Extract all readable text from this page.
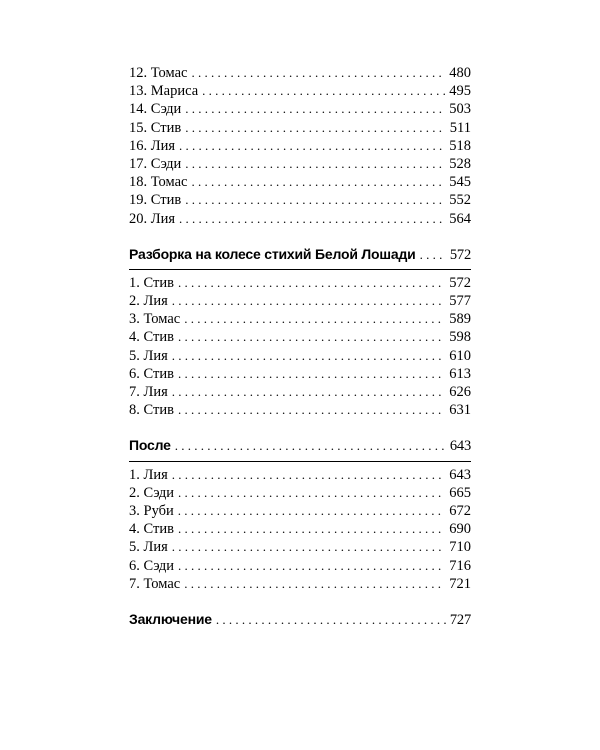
12. Томас . . .	480
13. Мариса . . .	495
14. Сэди . . .	503
15. Стив . . .	511
16. Лия . . .	518
17. Сэди . . .	528
18. Томас . . .	545
19. Стив . . .	552
20. Лия . . .	564
Разборка на колесе стихий Белой Лошади . . . 572
1. Стив . . .	572
2. Лия . . .	577
3. Томас . . .	589
4. Стив . . .	598
5. Лия . . .	610
6. Стив . . .	613
7. Лия . . .	626
8. Стив . . .	631
После . . .	643
1. Лия . . .	643
2. Сэди . . .	665
3. Руби . . .	672
4. Стив . . .	690
5. Лия . . .	710
6. Сэди . . .	716
7. Томас . . .	721
Заключение . . .	727
